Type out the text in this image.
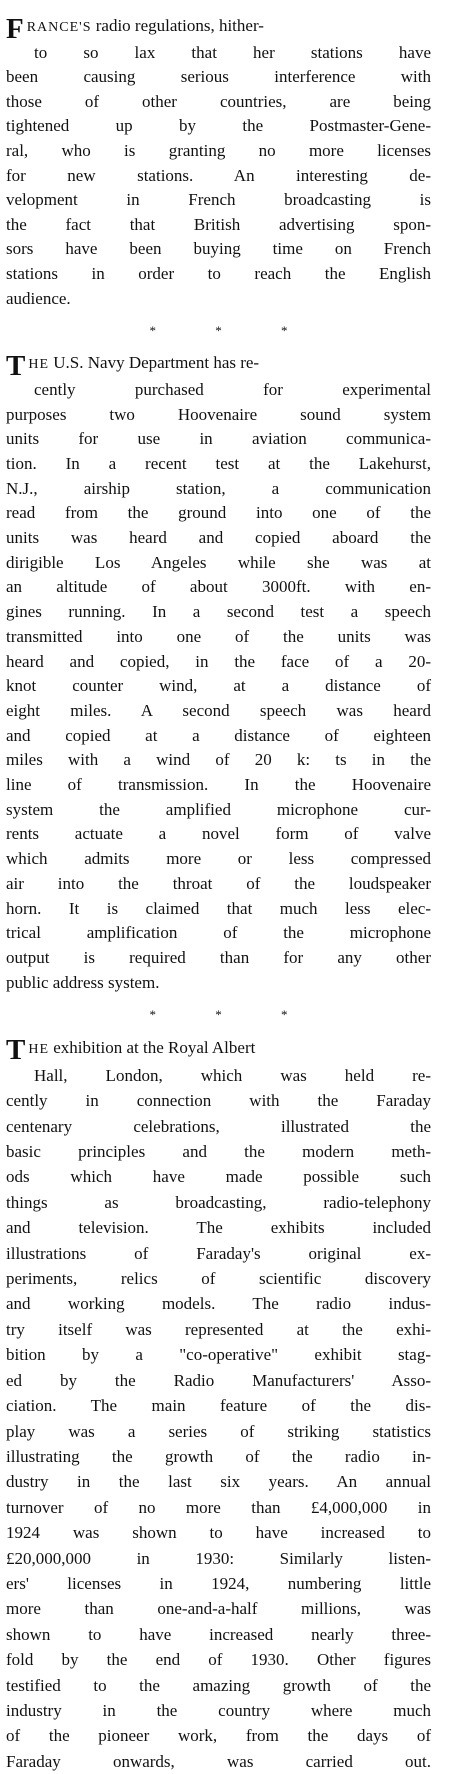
FRANCE'S radio regulations, hither-
to so lax that her stations have
been causing serious interference with
those of other countries, are being
tightened up by the Postmaster-Gene-
ral, who is granting no more licenses
for new stations. An interesting de-
velopment in French broadcasting is
the fact that British advertising spon-
sors have been buying time on French
stations in order to reach the English
audience.
*	*	*
THE U.S. Navy Department has re-
cently purchased for experimental
purposes two Hoovenaire sound system
units for use in aviation communica-
tion. In a recent test at the Lakehurst,
N.J., airship station, a communication
read from the ground into one of the
units was heard and copied aboard the
dirigible Los Angeles while she was at
an altitude of about 3000ft. with en-
gines running. In a second test a speech
transmitted into one of the units was
heard and copied, in the face of a 20-
knot counter wind, at a distance of
eight miles. A second speech was heard
and copied at a distance of eighteen
miles with a wind of 20 k: ts in the
line of transmission. In the Hoovenaire
system the amplified microphone cur-
rents actuate a novel form of valve
which admits more or less compressed
air into the throat of the loudspeaker
horn. It is claimed that much less elec-
trical amplification of the microphone
output is required than for any other
public address system.
*	*	*
THE exhibition at the Royal Albert
Hall, London, which was held re-
cently in connection with the Faraday
centenary celebrations, illustrated the
basic principles and the modern meth-
ods which have made possible such
things as broadcasting, radio-telephony
and television. The exhibits included
illustrations of Faraday's original ex-
periments, relics of scientific discovery
and working models. The radio indus-
try itself was represented at the exhi-
bition by a "co-operative" exhibit stag-
ed by the Radio Manufacturers' Asso-
ciation. The main feature of the dis-
play was a series of striking statistics
illustrating the growth of the radio in-
dustry in the last six years. An annual
turnover of no more than £4,000,000 in
1924 was shown to have increased to
£20,000,000 in 1930: Similarly listen-
ers' licenses in 1924, numbering little
more than one-and-a-half millions, was
shown to have increased nearly three-
fold by the end of 1930. Other figures
testified to the amazing growth of the
industry in the country where much
of the pioneer work, from the days of
Faraday onwards, was carried out.
